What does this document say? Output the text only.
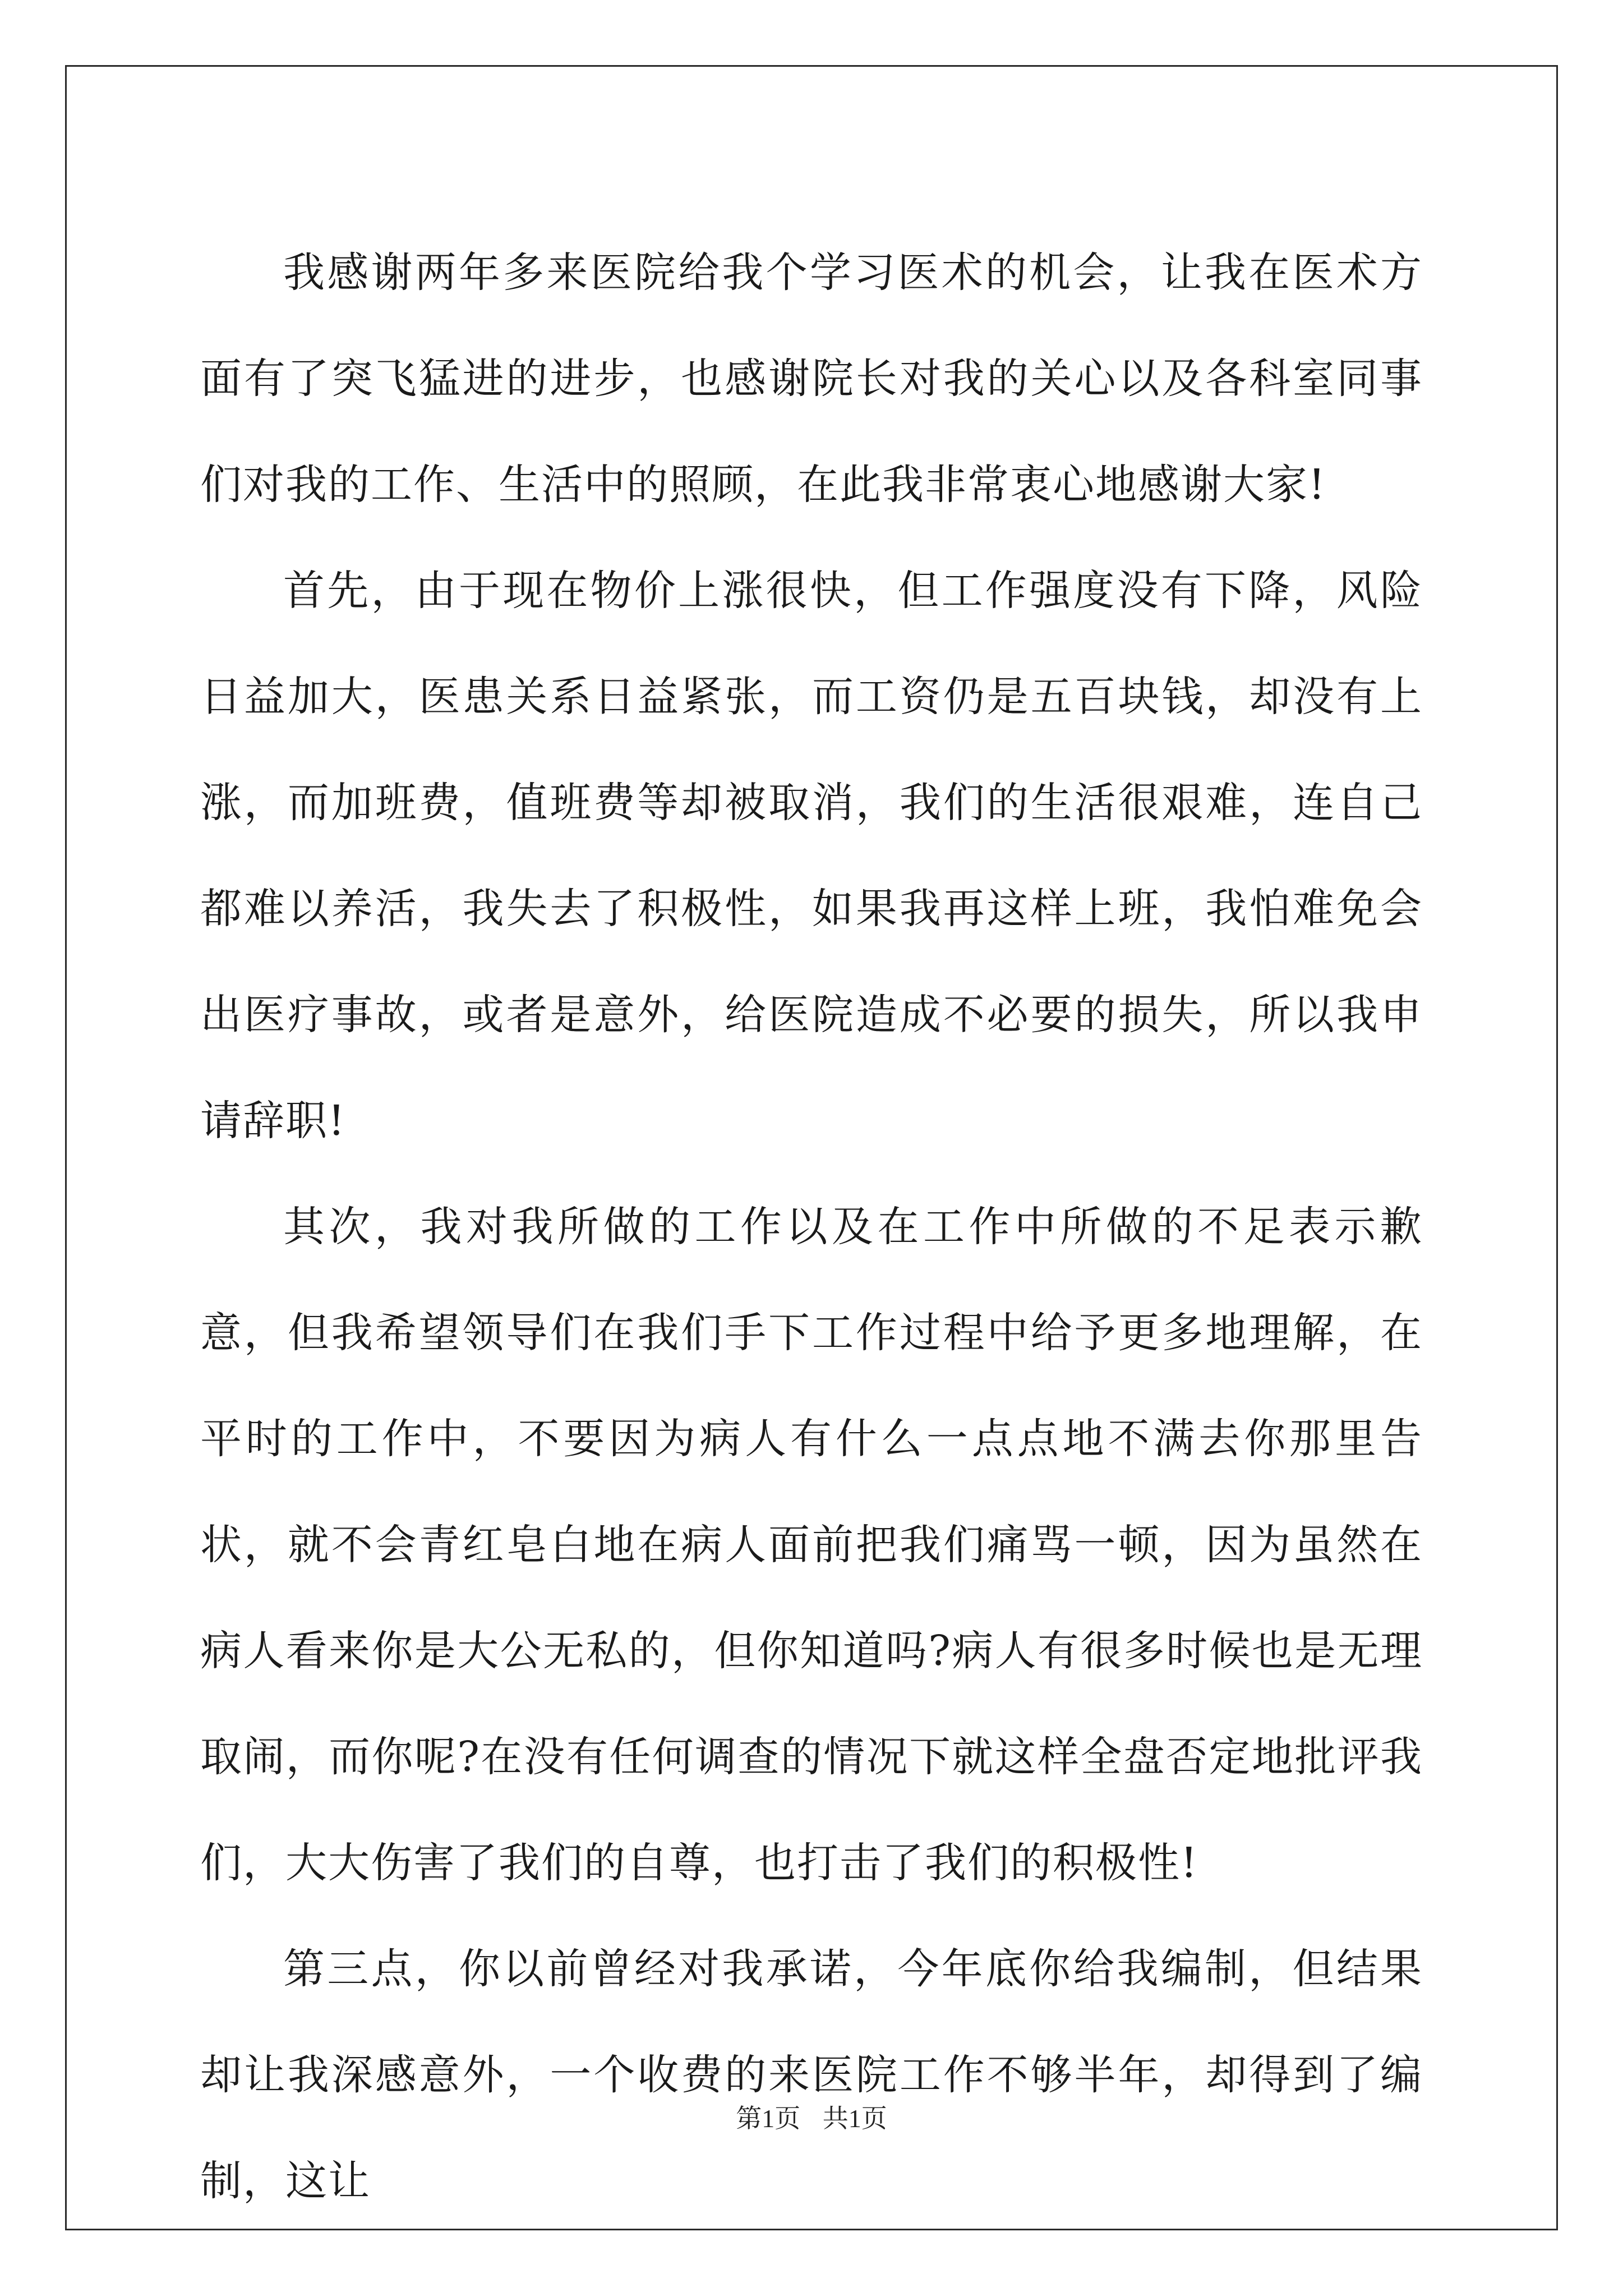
我感谢两年多来医院给我个学习医术的机会，让我在医术方面有了突飞猛进的进步，也感谢院长对我的关心以及各科室同事们对我的工作、生活中的照顾，在此我非常衷心地感谢大家!

首先，由于现在物价上涨很快，但工作强度没有下降，风险日益加大，医患关系日益紧张，而工资仍是五百块钱，却没有上涨，而加班费，值班费等却被取消，我们的生活很艰难，连自己都难以养活，我失去了积极性，如果我再这样上班，我怕难免会出医疗事故，或者是意外，给医院造成不必要的损失，所以我申请辞职!

其次，我对我所做的工作以及在工作中所做的不足表示歉意，但我希望领导们在我们手下工作过程中给予更多地理解，在平时的工作中，不要因为病人有什么一点点地不满去你那里告状，就不会青红皂白地在病人面前把我们痛骂一顿，因为虽然在病人看来你是大公无私的，但你知道吗?病人有很多时候也是无理取闹，而你呢?在没有任何调查的情况下就这样全盘否定地批评我们，大大伤害了我们的自尊，也打击了我们的积极性!

第三点，你以前曾经对我承诺，今年底你给我编制，但结果却让我深感意外，一个收费的来医院工作不够半年，却得到了编制，这让

第1页 共1页
